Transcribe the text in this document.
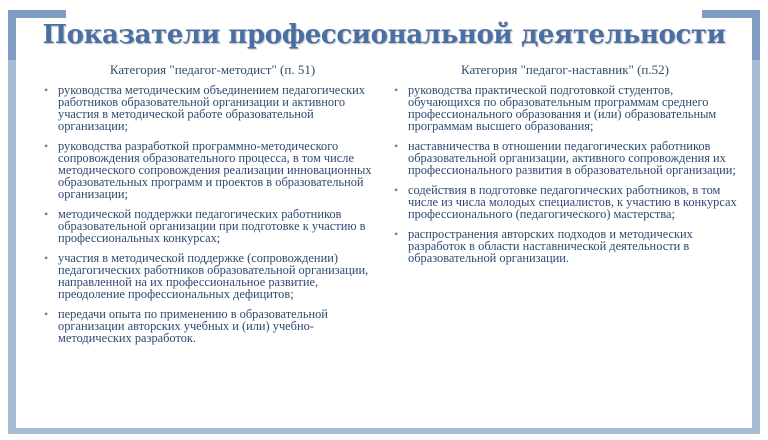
Показатели профессиональной деятельности
Категория "педагог-методист" (п. 51)
• руководства методическим объединением педагогических работников образовательной организации и активного участия в методической работе образовательной организации;
• руководства разработкой программно-методического сопровождения образовательного процесса, в том числе методического сопровождения реализации инновационных образовательных программ и проектов в образовательной организации;
• методической поддержки педагогических работников образовательной организации при подготовке к участию в профессиональных конкурсах;
• участия в методической поддержке (сопровождении) педагогических работников образовательной организации, направленной на их профессиональное развитие, преодоление профессиональных дефицитов;
• передачи опыта по применению в образовательной организации авторских учебных и (или) учебно-методических разработок.
Категория "педагог-наставник" (п.52)
• руководства практической подготовкой студентов, обучающихся по образовательным программам среднего профессионального образования и (или) образовательным программам высшего образования;
• наставничества в отношении педагогических работников образовательной организации, активного сопровождения их профессионального развития в образовательной организации;
• содействия в подготовке педагогических работников, в том числе из числа молодых специалистов, к участию в конкурсах профессионального (педагогического) мастерства;
• распространения авторских подходов и методических разработок в области наставнической деятельности в образовательной организации.
